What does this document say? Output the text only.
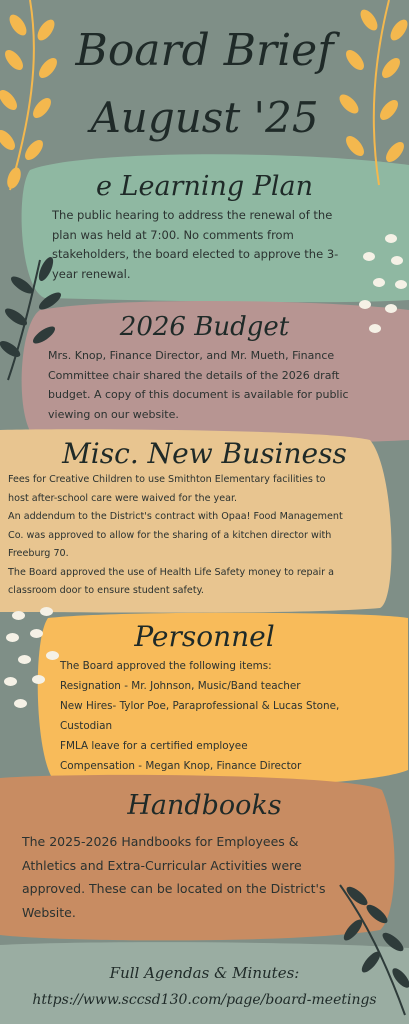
Board Brief
August '25
e Learning Plan
The public hearing to address the renewal of the
plan was held at 7:00. No comments from
stakeholders, the board elected to approve the 3-
year renewal.
2026 Budget
Mrs. Knop, Finance Director, and Mr. Mueth, Finance
Committee chair shared the details of the 2026 draft
budget. A copy of this document is available for public
viewing on our website.
Misc. New Business
Fees for Creative Children to use Smithton Elementary facilities to
host after-school care were waived for the year.
An addendum to the District's contract with Opaa! Food Management
Co. was approved to allow for the sharing of a kitchen director with
Freeburg 70.
The Board approved the use of Health Life Safety money to repair a
classroom door to ensure student safety.
Personnel
The Board approved the following items:
Resignation - Mr. Johnson, Music/Band teacher
New Hires- Tylor Poe, Paraprofessional & Lucas Stone,
Custodian
FMLA leave for a certified employee
Compensation - Megan Knop, Finance Director
Handbooks
The 2025-2026 Handbooks for Employees &
Athletics and Extra-Curricular Activities were
approved. These can be located on the District's
Website.
Full Agendas & Minutes:
https://www.sccsd130.com/page/board-meetings
